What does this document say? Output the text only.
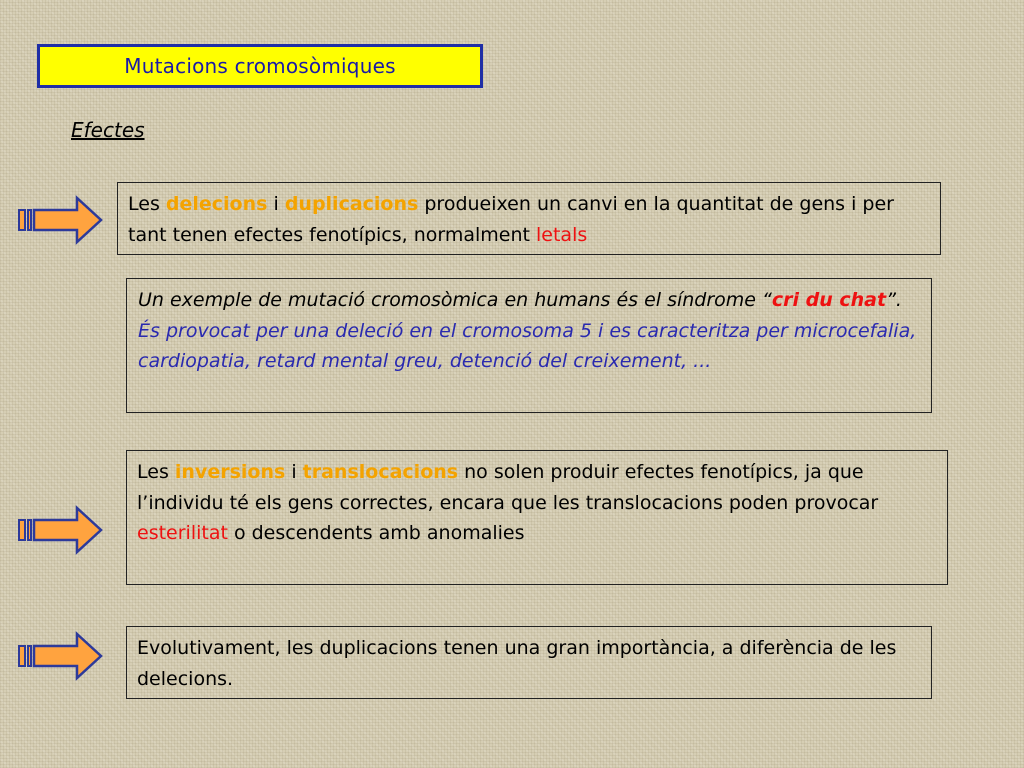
Mutacions cromosòmiques
Efectes
Les delecions i duplicacions produeixen un canvi en la quantitat de gens i per tant tenen efectes fenotípics, normalment letals
Un exemple de mutació cromosòmica en humans és el síndrome “cri du chat”. És provocat per una deleció en el cromosoma 5 i es caracteritza per microcefalia, cardiopatia, retard mental greu, detenció del creixement, ...
Les inversions i translocacions no solen produir efectes fenotípics, ja que l’individu té els gens correctes, encara que les translocacions poden provocar esterilitat o descendents amb anomalies
Evolutivament, les duplicacions tenen una gran importància, a diferència de les delecions.
